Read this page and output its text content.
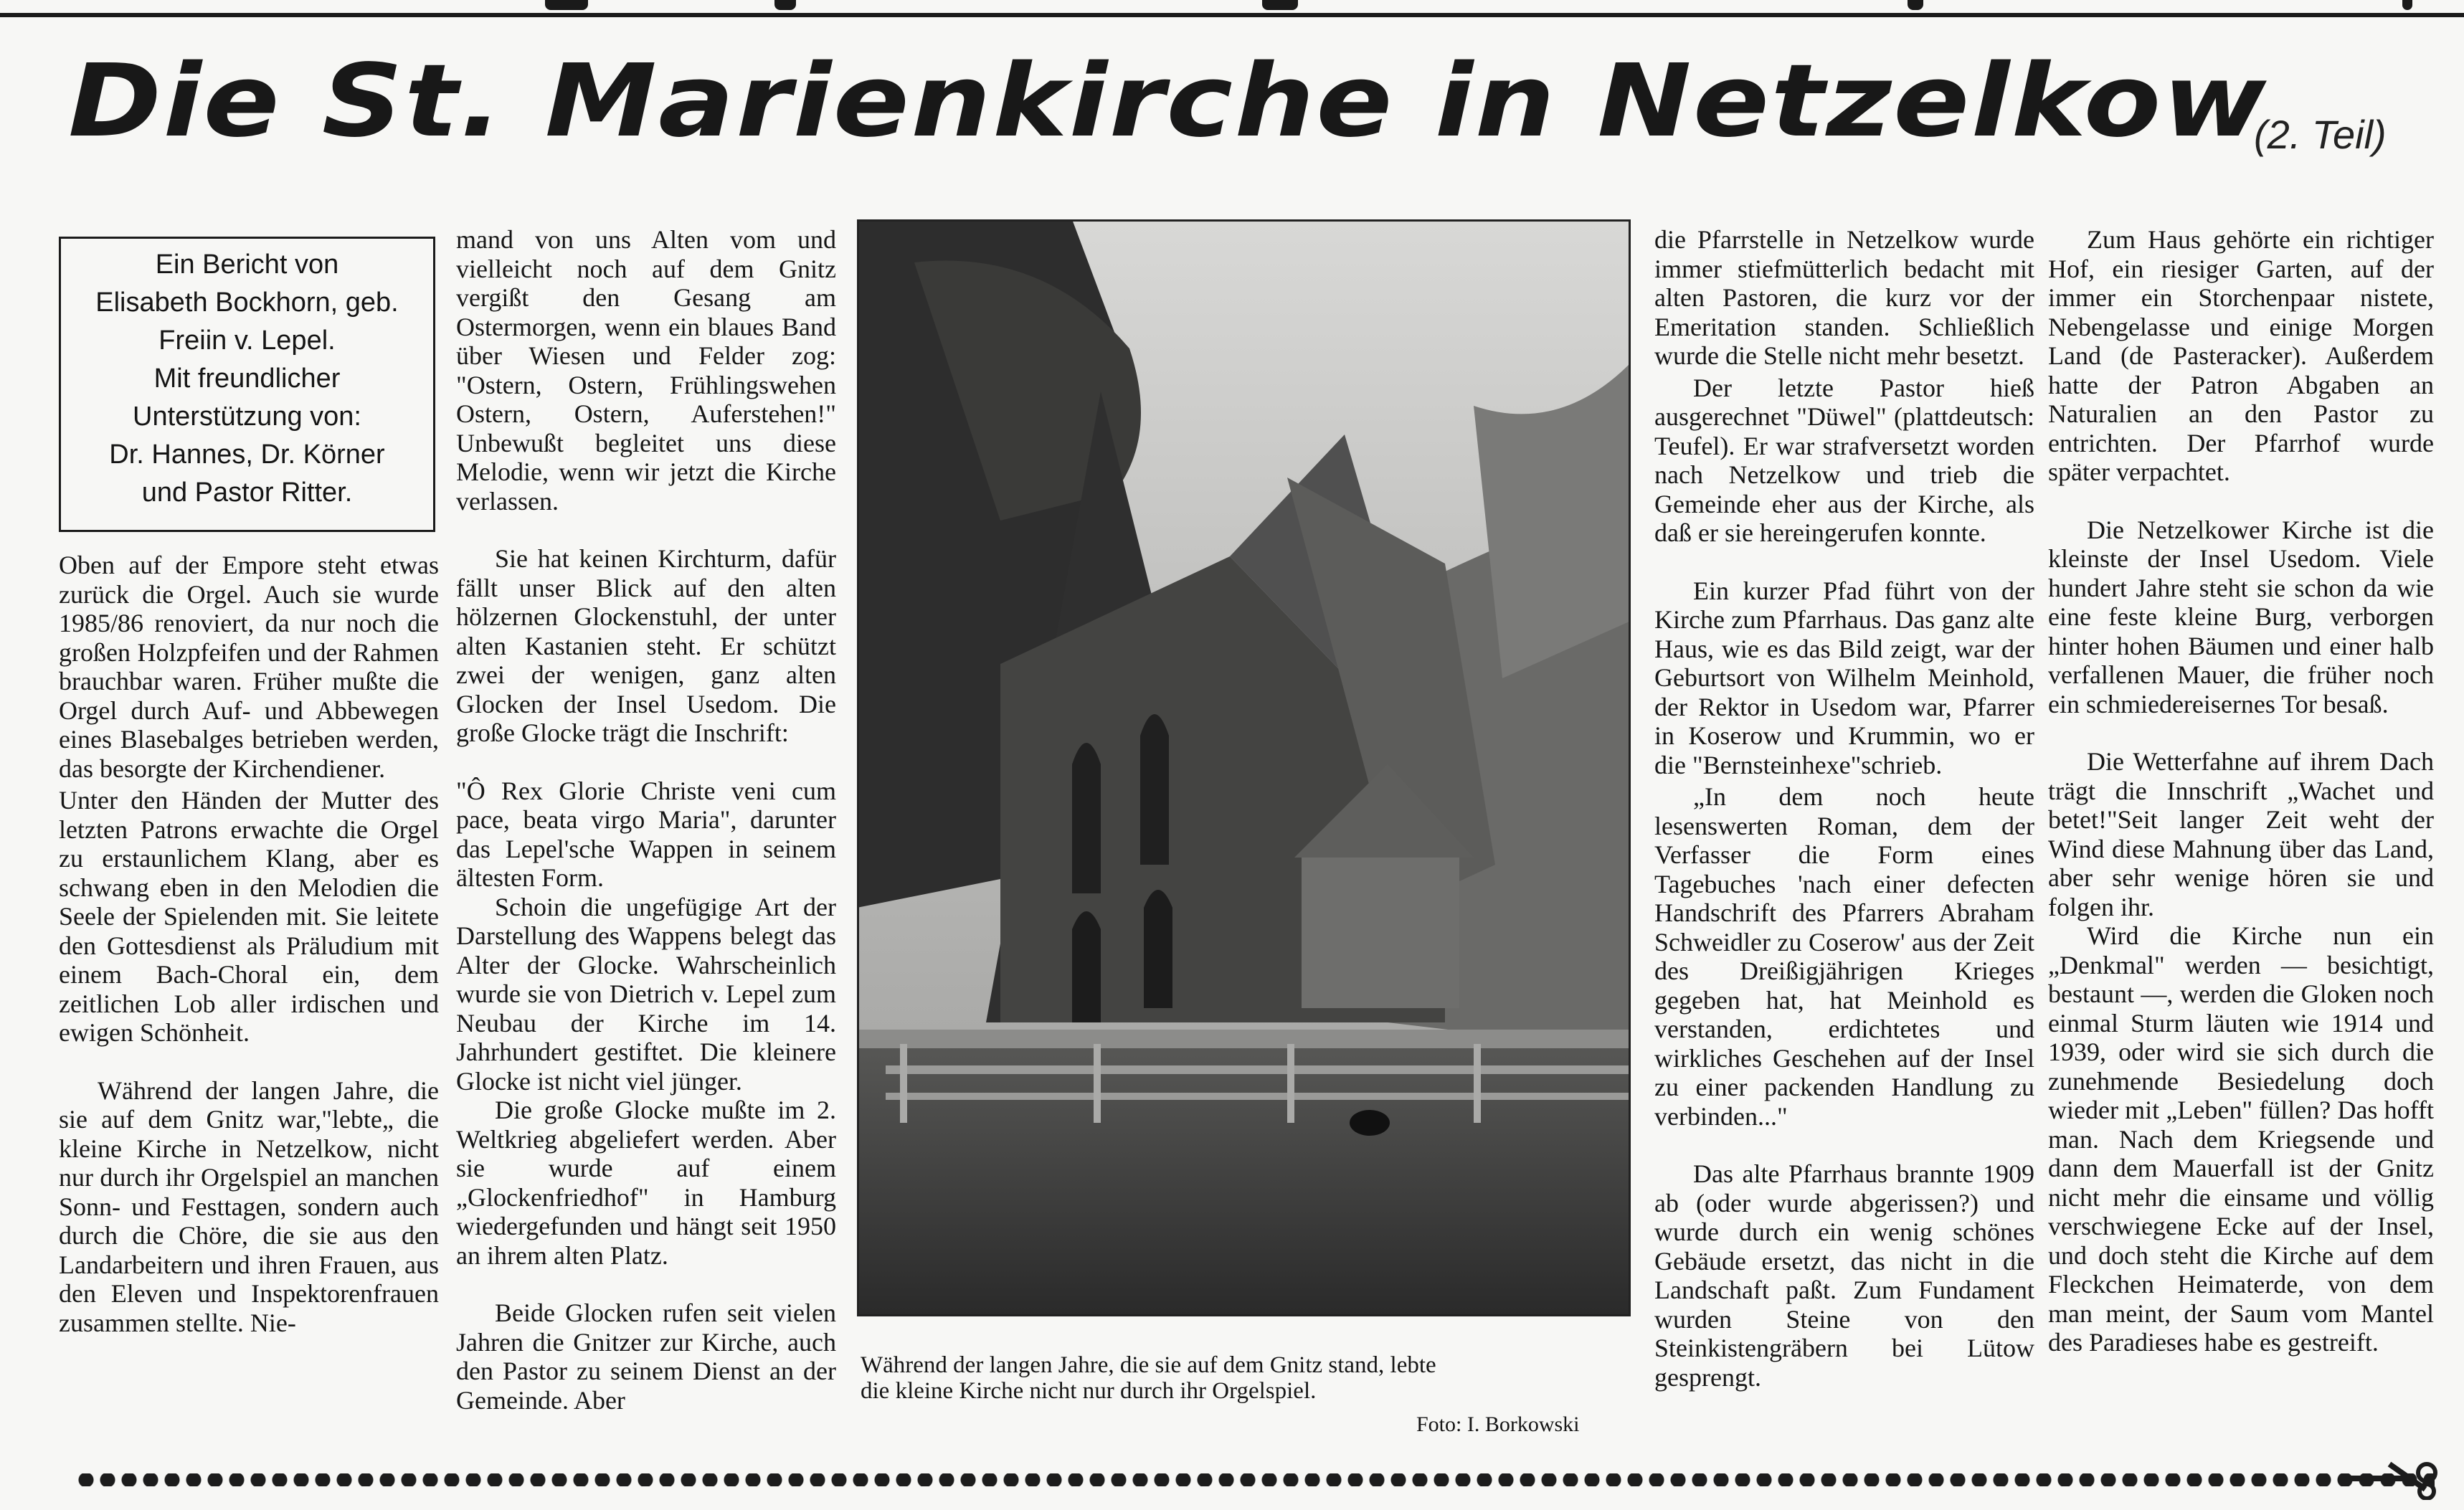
Die St. Marienkirche in Netzelkow
(2. Teil)
Ein Bericht von
Elisabeth Bockhorn, geb.
Freiin v. Lepel.
Mit freundlicher
Unterstützung von:
Dr. Hannes, Dr. Körner
und Pastor Ritter.

Oben auf der Empore steht etwas zurück die Orgel. Auch sie wurde 1985/86 renoviert, da nur noch die großen Holzpfeifen und der Rahmen brauchbar waren. Früher mußte die Orgel durch Auf- und Abbewegen eines Blasebalges betrieben werden, das besorgte der Kirchendiener.

Unter den Händen der Mutter des letzten Patrons erwachte die Orgel zu erstaunlichem Klang, aber es schwang eben in den Melodien die Seele der Spielenden mit. Sie leitete den Gottesdienst als Präludium mit einem Bach-Choral ein, dem zeitlichen Lob aller irdischen und ewigen Schönheit.

Während der langen Jahre, die sie auf dem Gnitz war,"lebte„ die kleine Kirche in Netzelkow, nicht nur durch ihr Orgelspiel an manchen Sonn- und Festtagen, sondern auch durch die Chöre, die sie aus den Landarbeitern und ihren Frauen, aus den Eleven und Inspektorenfrauen zusammen stellte. Nie-

mand von uns Alten vom und vielleicht noch auf dem Gnitz vergißt den Gesang am Ostermorgen, wenn ein blaues Band über Wiesen und Felder zog: "Ostern, Ostern, Frühlingswehen Ostern, Ostern, Auferstehen!" Unbewußt begleitet uns diese Melodie, wenn wir jetzt die Kirche verlassen.

Sie hat keinen Kirchturm, dafür fällt unser Blick auf den alten hölzernen Glockenstuhl, der unter alten Kastanien steht. Er schützt zwei der wenigen, ganz alten Glocken der Insel Usedom. Die große Glocke trägt die Inschrift:

"Ô Rex Glorie Christe veni cum pace, beata virgo Maria", darunter das Lepel'sche Wappen in seinem ältesten Form.

Schoin die ungefügige Art der Darstellung des Wappens belegt das Alter der Glocke. Wahrscheinlich wurde sie von Dietrich v. Lepel zum Neubau der Kirche im 14. Jahrhundert gestiftet. Die kleinere Glocke ist nicht viel jünger.

Die große Glocke mußte im 2. Weltkrieg abgeliefert werden. Aber sie wurde auf einem „Glockenfriedhof" in Hamburg wiedergefunden und hängt seit 1950 an ihrem alten Platz.

Beide Glocken rufen seit vielen Jahren die Gnitzer zur Kirche, auch den Pastor zu seinem Dienst an der Gemeinde. Aber

Während der langen Jahre, die sie auf dem Gnitz stand, lebte

die kleine Kirche nicht nur durch ihr Orgelspiel.

Foto: I. Borkowski

die Pfarrstelle in Netzelkow wurde immer stiefmütterlich bedacht mit alten Pastoren, die kurz vor der Emeritation standen. Schließlich wurde die Stelle nicht mehr besetzt.

Der letzte Pastor hieß ausgerechnet "Düwel" (plattdeutsch: Teufel). Er war strafversetzt worden nach Netzelkow und trieb die Gemeinde eher aus der Kirche, als daß er sie hereingerufen konnte.

Ein kurzer Pfad führt von der Kirche zum Pfarrhaus. Das ganz alte Haus, wie es das Bild zeigt, war der Geburtsort von Wilhelm Meinhold, der Rektor in Usedom war, Pfarrer in Koserow und Krummin, wo er die "Bernsteinhexe"schrieb.

„In dem noch heute lesenswerten Roman, dem der Verfasser die Form eines Tagebuches 'nach einer defecten Handschrift des Pfarrers Abraham Schweidler zu Coserow' aus der Zeit des Dreißigjährigen Krieges gegeben hat, hat Meinhold es verstanden, erdichtetes und wirkliches Geschehen auf der Insel zu einer packenden Handlung zu verbinden..."

Das alte Pfarrhaus brannte 1909 ab (oder wurde abgerissen?) und wurde durch ein wenig schönes Gebäude ersetzt, das nicht in die Landschaft paßt. Zum Fundament wurden Steine von den Steinkistengräbern bei Lütow gesprengt.

Zum Haus gehörte ein richtiger Hof, ein riesiger Garten, auf der immer ein Storchenpaar nistete, Nebengelasse und einige Morgen Land (de Pasteracker). Außerdem hatte der Patron Abgaben an Naturalien an den Pastor zu entrichten. Der Pfarrhof wurde später verpachtet.

Die Netzelkower Kirche ist die kleinste der Insel Usedom. Viele hundert Jahre steht sie schon da wie eine feste kleine Burg, verborgen hinter hohen Bäumen und einer halb verfallenen Mauer, die früher noch ein schmiedereisernes Tor besaß.

Die Wetterfahne auf ihrem Dach trägt die Innschrift „Wachet und betet!"Seit langer Zeit weht der Wind diese Mahnung über das Land, aber sehr wenige hören sie und folgen ihr.

Wird die Kirche nun ein „Denkmal" werden — besichtigt, bestaunt —, werden die Gloken noch einmal Sturm läuten wie 1914 und 1939, oder wird sie sich durch die zunehmende Besiedelung doch wieder mit „Leben" füllen? Das hofft man. Nach dem Kriegsende und dann dem Mauerfall ist der Gnitz nicht mehr die einsame und völlig verschwiegene Ecke auf der Insel, und doch steht die Kirche auf dem Fleckchen Heimaterde, von dem man meint, der Saum vom Mantel des Paradieses habe es gestreift.
